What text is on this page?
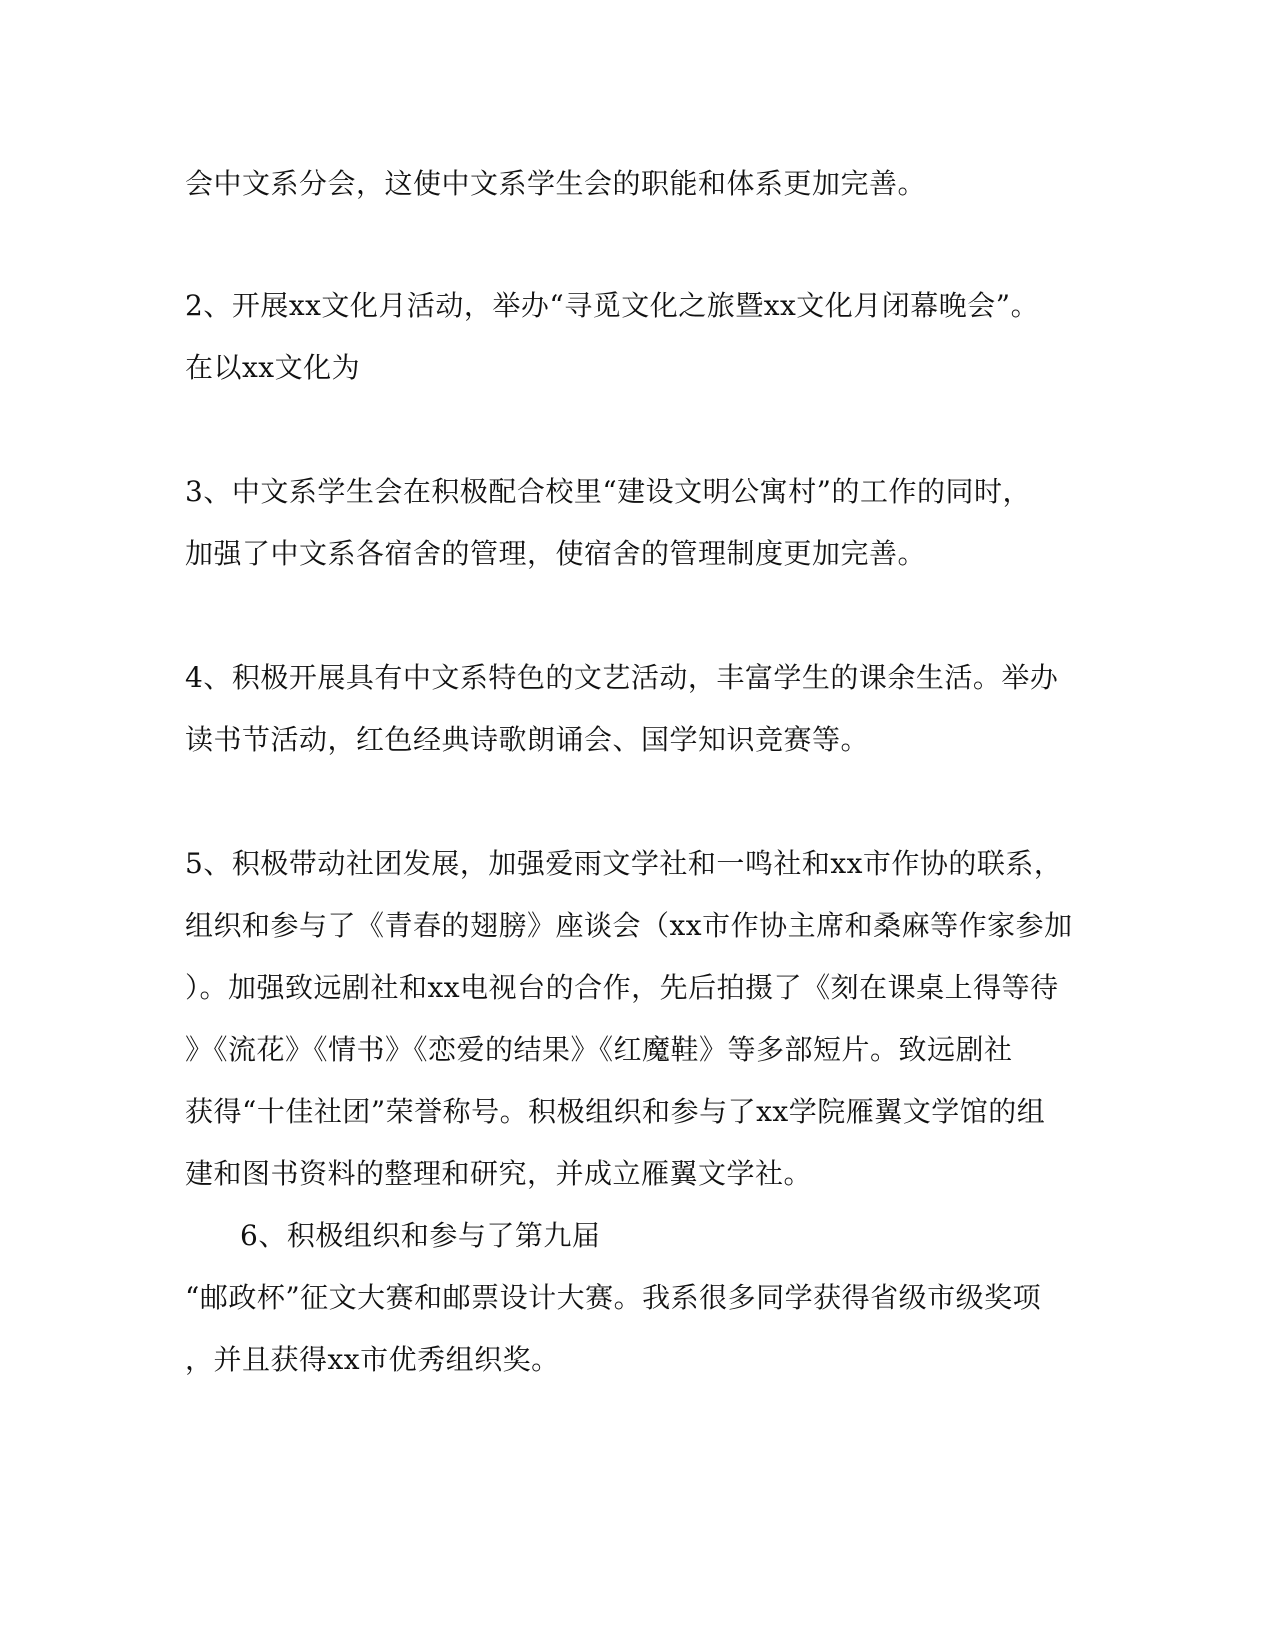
会中文系分会，这使中文系学生会的职能和体系更加完善。
2、开展xx文化月活动，举办“寻觅文化之旅暨xx文化月闭幕晚会”。
在以xx文化为
3、中文系学生会在积极配合校里“建设文明公寓村”的工作的同时，
加强了中文系各宿舍的管理，使宿舍的管理制度更加完善。
4、积极开展具有中文系特色的文艺活动，丰富学生的课余生活。举办
读书节活动，红色经典诗歌朗诵会、国学知识竞赛等。
5、积极带动社团发展，加强爱雨文学社和一鸣社和xx市作协的联系，
组织和参与了《青春的翅膀》座谈会（xx市作协主席和桑麻等作家参加
）。加强致远剧社和xx电视台的合作，先后拍摄了《刻在课桌上得等待
》《流花》《情书》《恋爱的结果》《红魔鞋》等多部短片。致远剧社
获得“十佳社团”荣誉称号。积极组织和参与了xx学院雁翼文学馆的组
建和图书资料的整理和研究，并成立雁翼文学社。
6、积极组织和参与了第九届
“邮政杯”征文大赛和邮票设计大赛。我系很多同学获得省级市级奖项
，并且获得xx市优秀组织奖。
